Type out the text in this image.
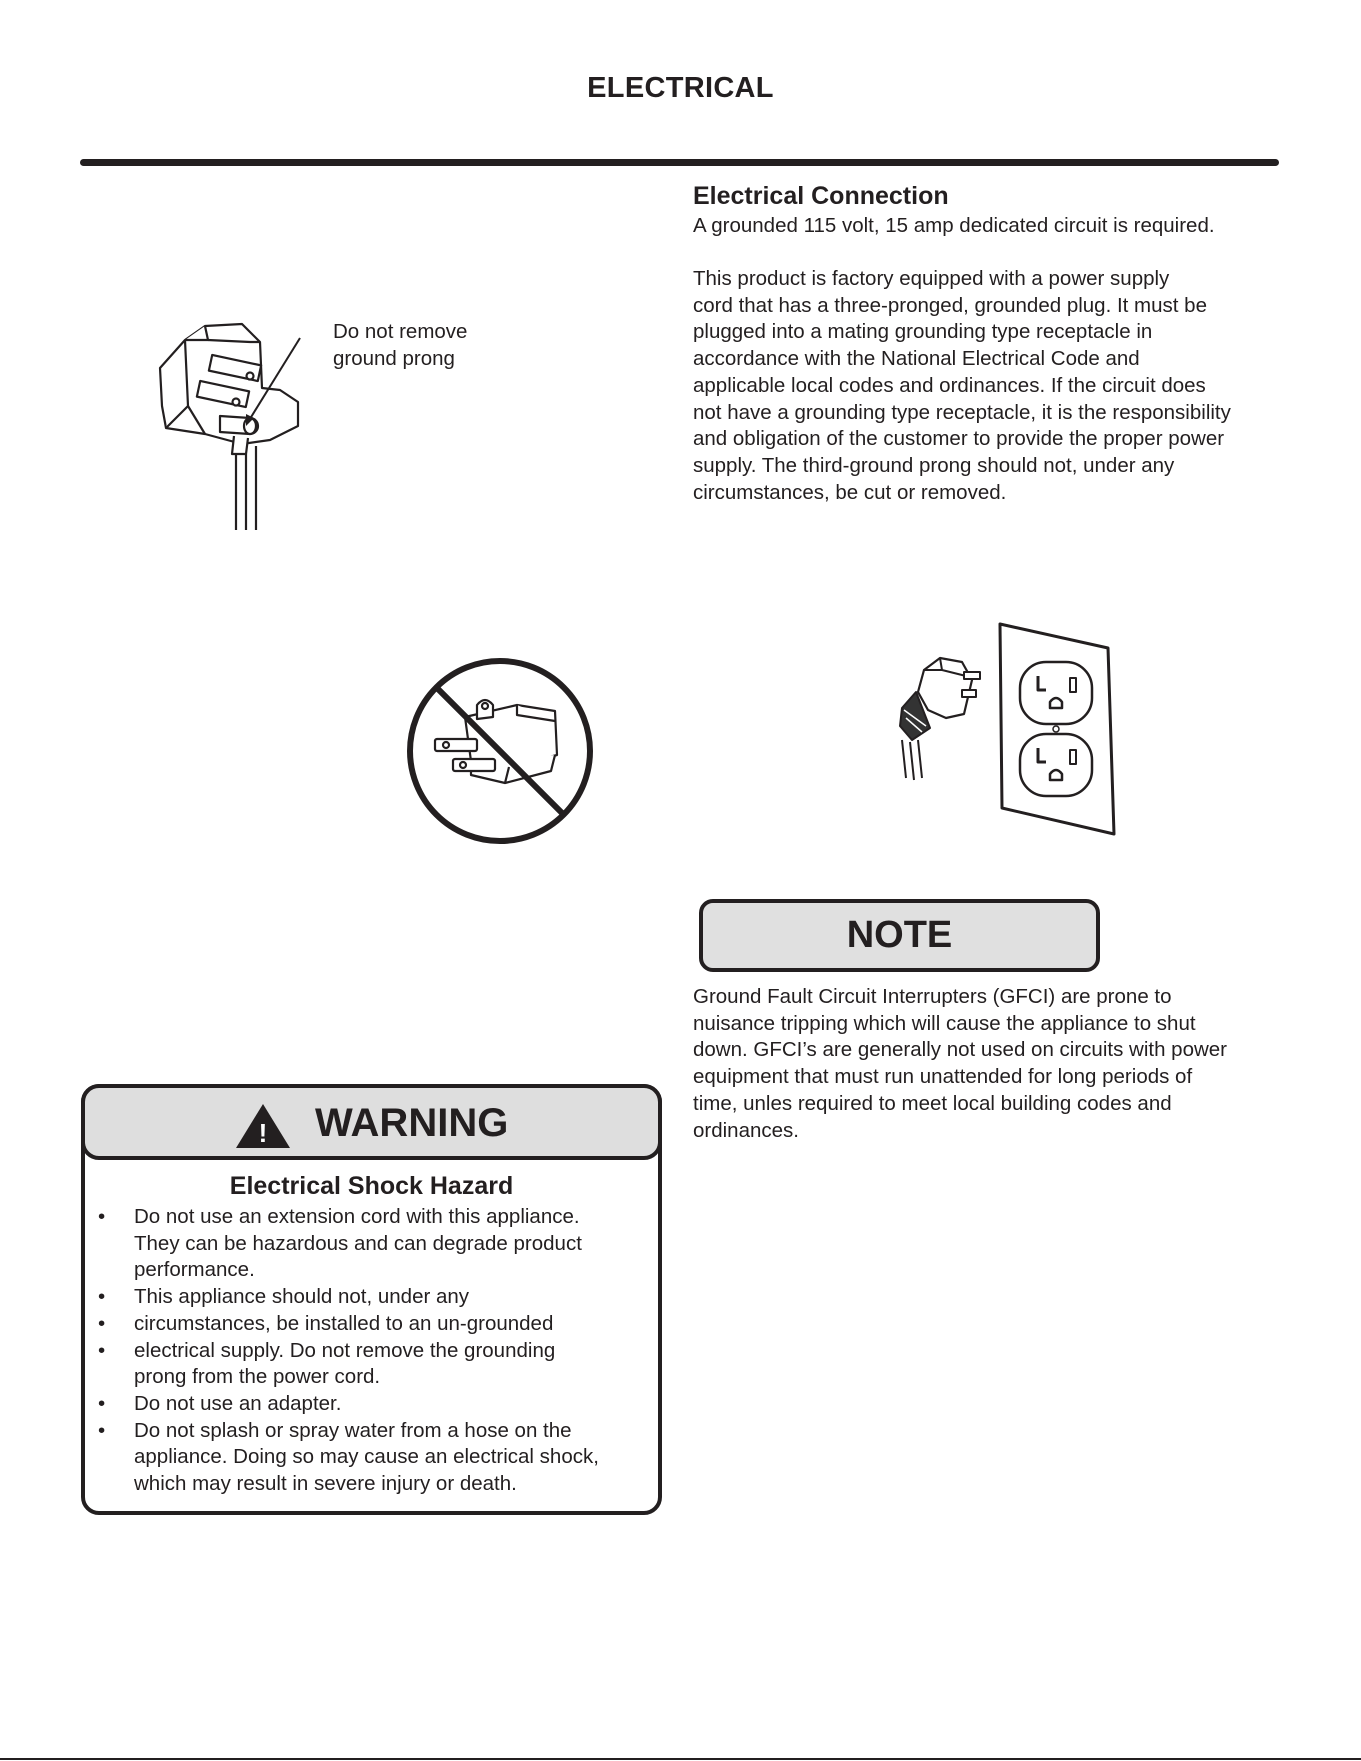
ELECTRICAL
Electrical Connection
A grounded 115 volt, 15 amp dedicated circuit is required.
This product is factory equipped with a power supply
cord that has a three-pronged, grounded plug. It must be
plugged into a mating grounding type receptacle in
accordance with the National Electrical Code and
applicable local codes and ordinances. If the circuit does
not have a grounding type receptacle, it is the responsibility
and obligation of the customer to provide the proper power
supply. The third-ground prong should not, under any
circumstances, be cut or removed.
Do not remove
ground prong
NOTE
Ground Fault Circuit Interrupters (GFCI) are prone to
nuisance tripping which will cause the appliance to shut
down. GFCI’s are generally not used on circuits with power
equipment that must run unattended for long periods of
time, unles required to meet local building codes and
ordinances.
! WARNING
Electrical Shock Hazard
• Do not use an extension cord with this appliance.
They can be hazardous and can degrade product
performance.
• This appliance should not, under any
• circumstances, be installed to an un-grounded
• electrical supply. Do not remove the grounding
prong from the power cord.
• Do not use an adapter.
• Do not splash or spray water from a hose on the
appliance. Doing so may cause an electrical shock,
which may result in severe injury or death.
